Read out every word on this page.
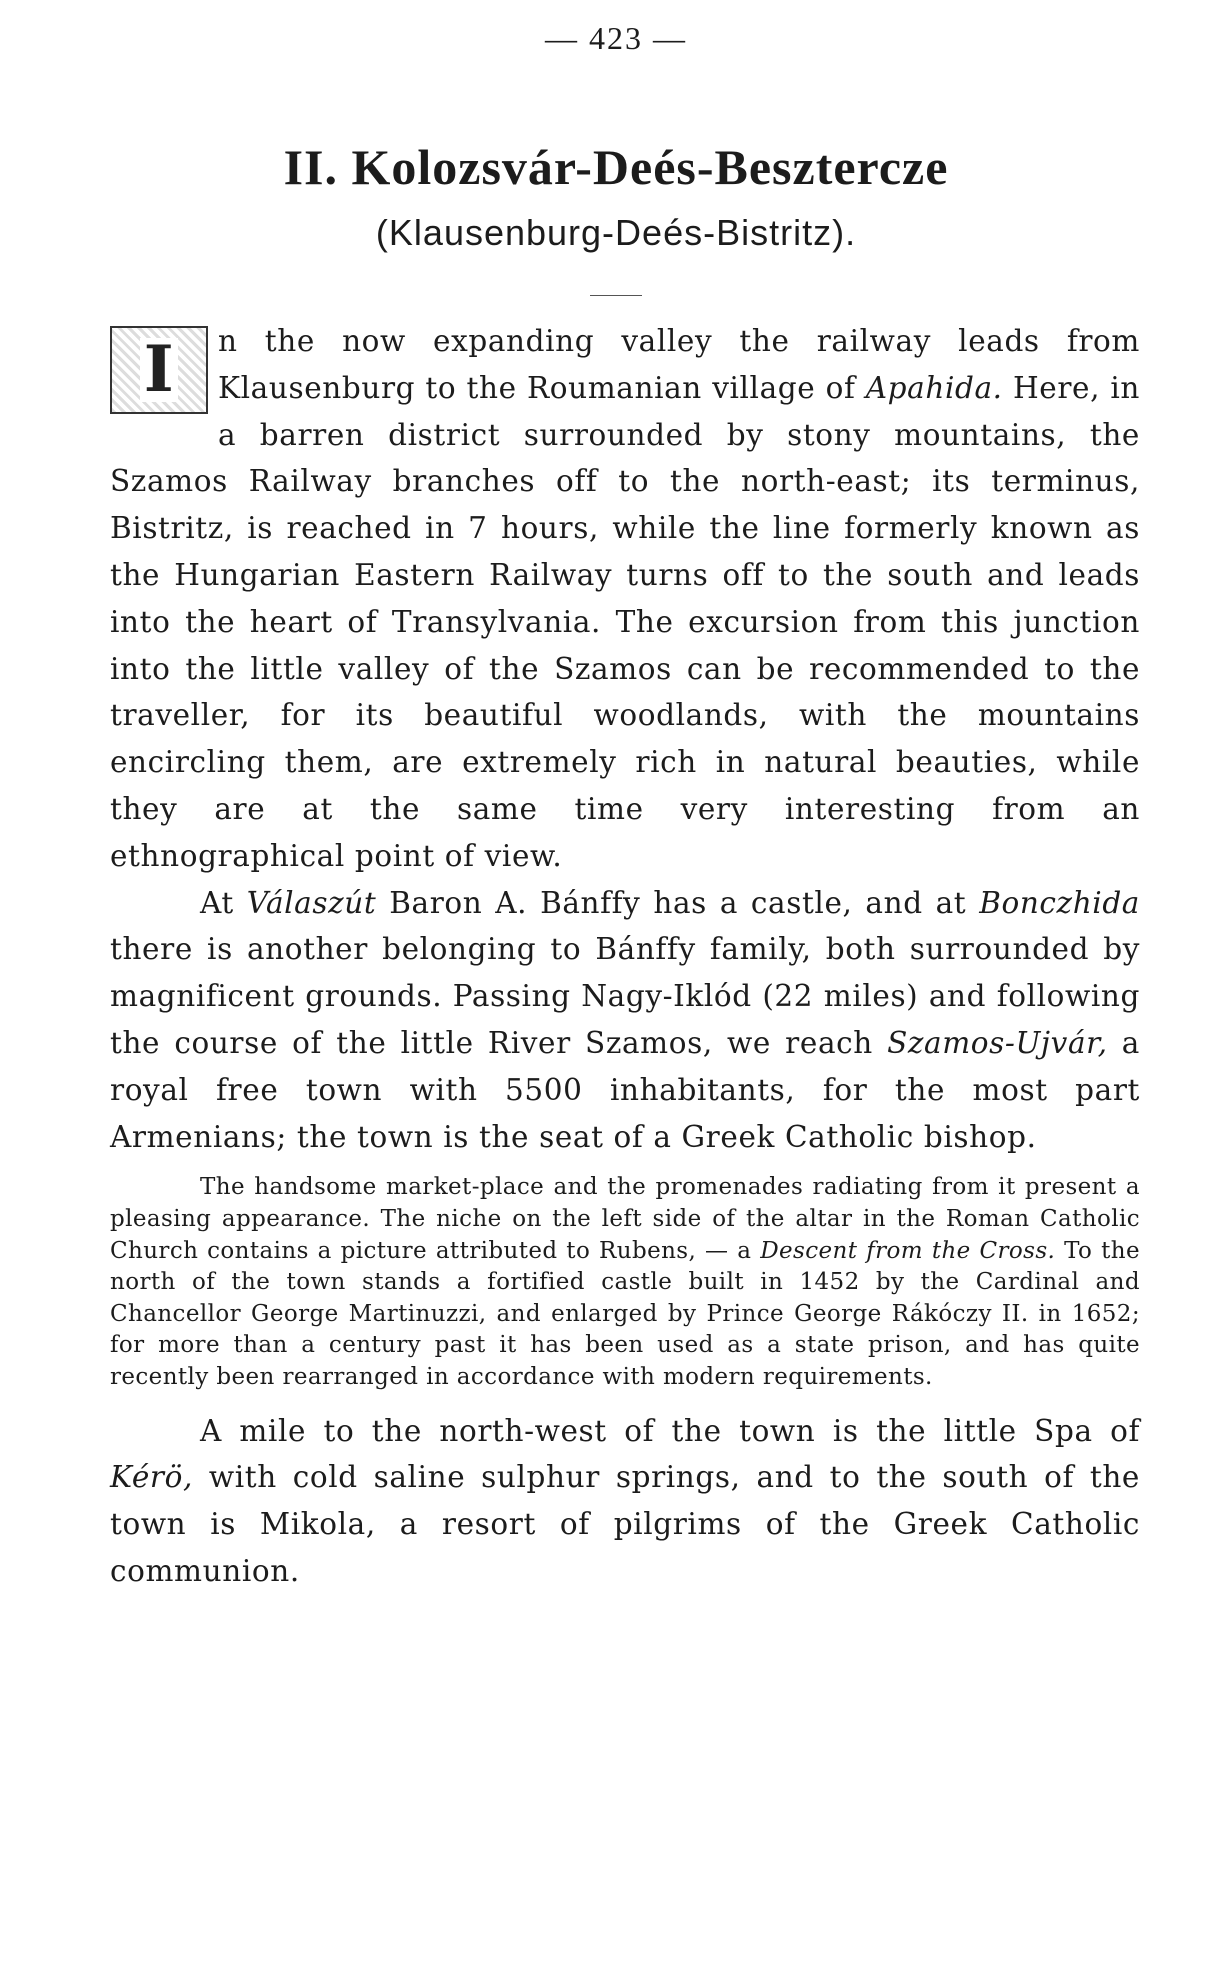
— 423 —
II. Kolozsvár-Deés-Besztercze
(Klausenburg-Deés-Bistritz).

I n the now expanding valley the railway leads from Klausenburg to the Roumanian village of Apahida. Here, in a barren district surrounded by stony mountains, the Szamos Railway branches off to the north-east; its terminus, Bistritz, is reached in 7 hours, while the line formerly known as the Hungarian Eastern Railway turns off to the south and leads into the heart of Transylvania. The excursion from this junction into the little valley of the Szamos can be recommended to the traveller, for its beautiful woodlands, with the mountains encircling them, are extremely rich in natural beauties, while they are at the same time very interesting from an ethnographical point of view.

At Válaszút Baron A. Bánffy has a castle, and at Bonczhida there is another belonging to Bánffy family, both surrounded by magnificent grounds. Passing Nagy-Iklód (22 miles) and following the course of the little River Szamos, we reach Szamos-Ujvár, a royal free town with 5500 inhabitants, for the most part Armenians; the town is the seat of a Greek Catholic bishop.

The handsome market-place and the promenades radiating from it present a pleasing appearance. The niche on the left side of the altar in the Roman Catholic Church contains a picture attributed to Rubens, — a Descent from the Cross. To the north of the town stands a fortified castle built in 1452 by the Cardinal and Chancellor George Martinuzzi, and enlarged by Prince George Rákóczy II. in 1652; for more than a century past it has been used as a state prison, and has quite recently been rearranged in accordance with modern requirements.

A mile to the north-west of the town is the little Spa of Kérö, with cold saline sulphur springs, and to the south of the town is Mikola, a resort of pilgrims of the Greek Catholic communion.
